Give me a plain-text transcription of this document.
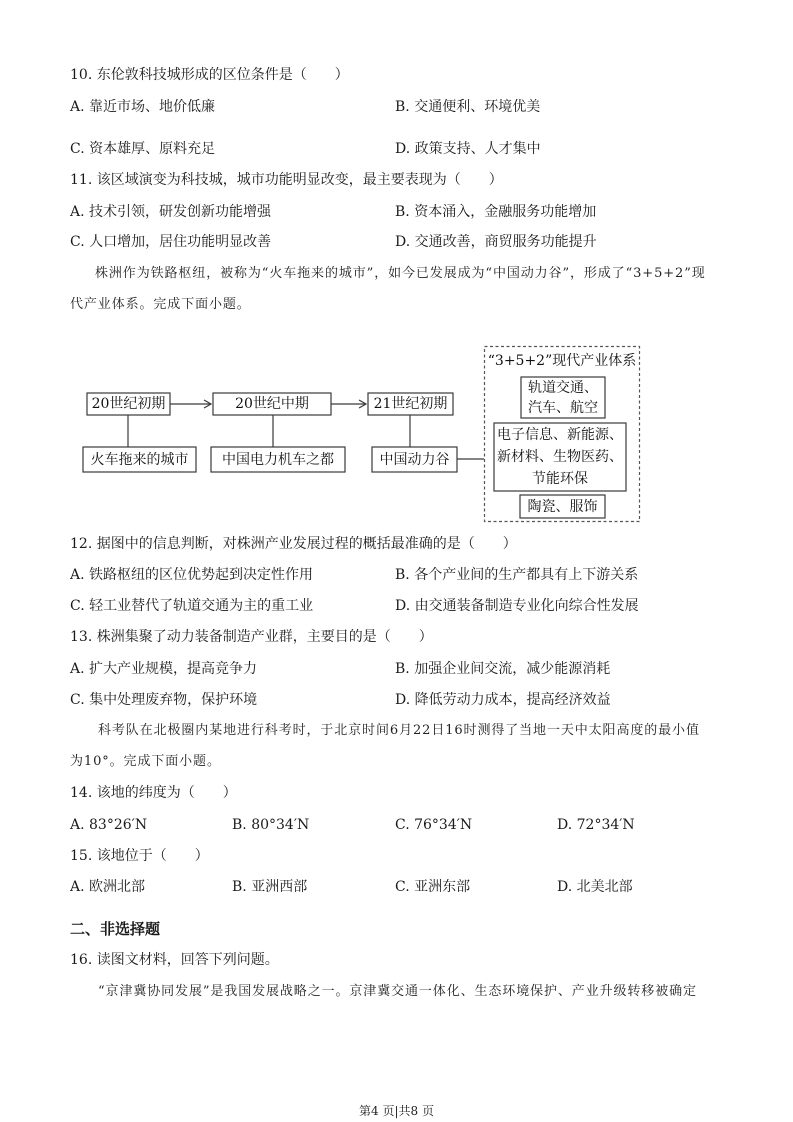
10. 东伦敦科技城形成的区位条件是（　　）
A. 靠近市场、地价低廉	B. 交通便利、环境优美
C. 资本雄厚、原料充足	D. 政策支持、人才集中
11. 该区域演变为科技城，城市功能明显改变，最主要表现为（　　）
A. 技术引领，研发创新功能增强	B. 资本涌入，金融服务功能增加
C. 人口增加，居住功能明显改善	D. 交通改善，商贸服务功能提升
株洲作为铁路枢纽，被称为“火车拖来的城市”，如今已发展成为“中国动力谷”，形成了“3+5+2”现
代产业体系。完成下面小题。
20世纪初期	20世纪中期	21世纪初期
火车拖来的城市 中国电力机车之都	中国动力谷
“3+5+2”现代产业体系
轨道交通、
汽车、航空
电子信息、新能源、
新材料、生物医药、
节能环保
陶瓷、服饰
12. 据图中的信息判断，对株洲产业发展过程的概括最准确的是（　　）
A. 铁路枢纽的区位优势起到决定性作用	B. 各个产业间的生产都具有上下游关系
C. 轻工业替代了轨道交通为主的重工业	D. 由交通装备制造专业化向综合性发展
13. 株洲集聚了动力装备制造产业群，主要目的是（　　）
A. 扩大产业规模，提高竞争力	B. 加强企业间交流，减少能源消耗
C. 集中处理废弃物，保护环境	D. 降低劳动力成本，提高经济效益
科考队在北极圈内某地进行科考时，于北京时间6月22日16时测得了当地一天中太阳高度的最小值
为10°。完成下面小题。
14. 该地的纬度为（　　）
A. 83°26′N	B. 80°34′N	C. 76°34′N	D. 72°34′N
15. 该地位于（　　）
A. 欧洲北部	B. 亚洲西部	C. 亚洲东部	D. 北美北部
二、非选择题
16. 读图文材料，回答下列问题。
“京津冀协同发展”是我国发展战略之一。京津冀交通一体化、生态环境保护、产业升级转移被确定
第4 页|共8 页
